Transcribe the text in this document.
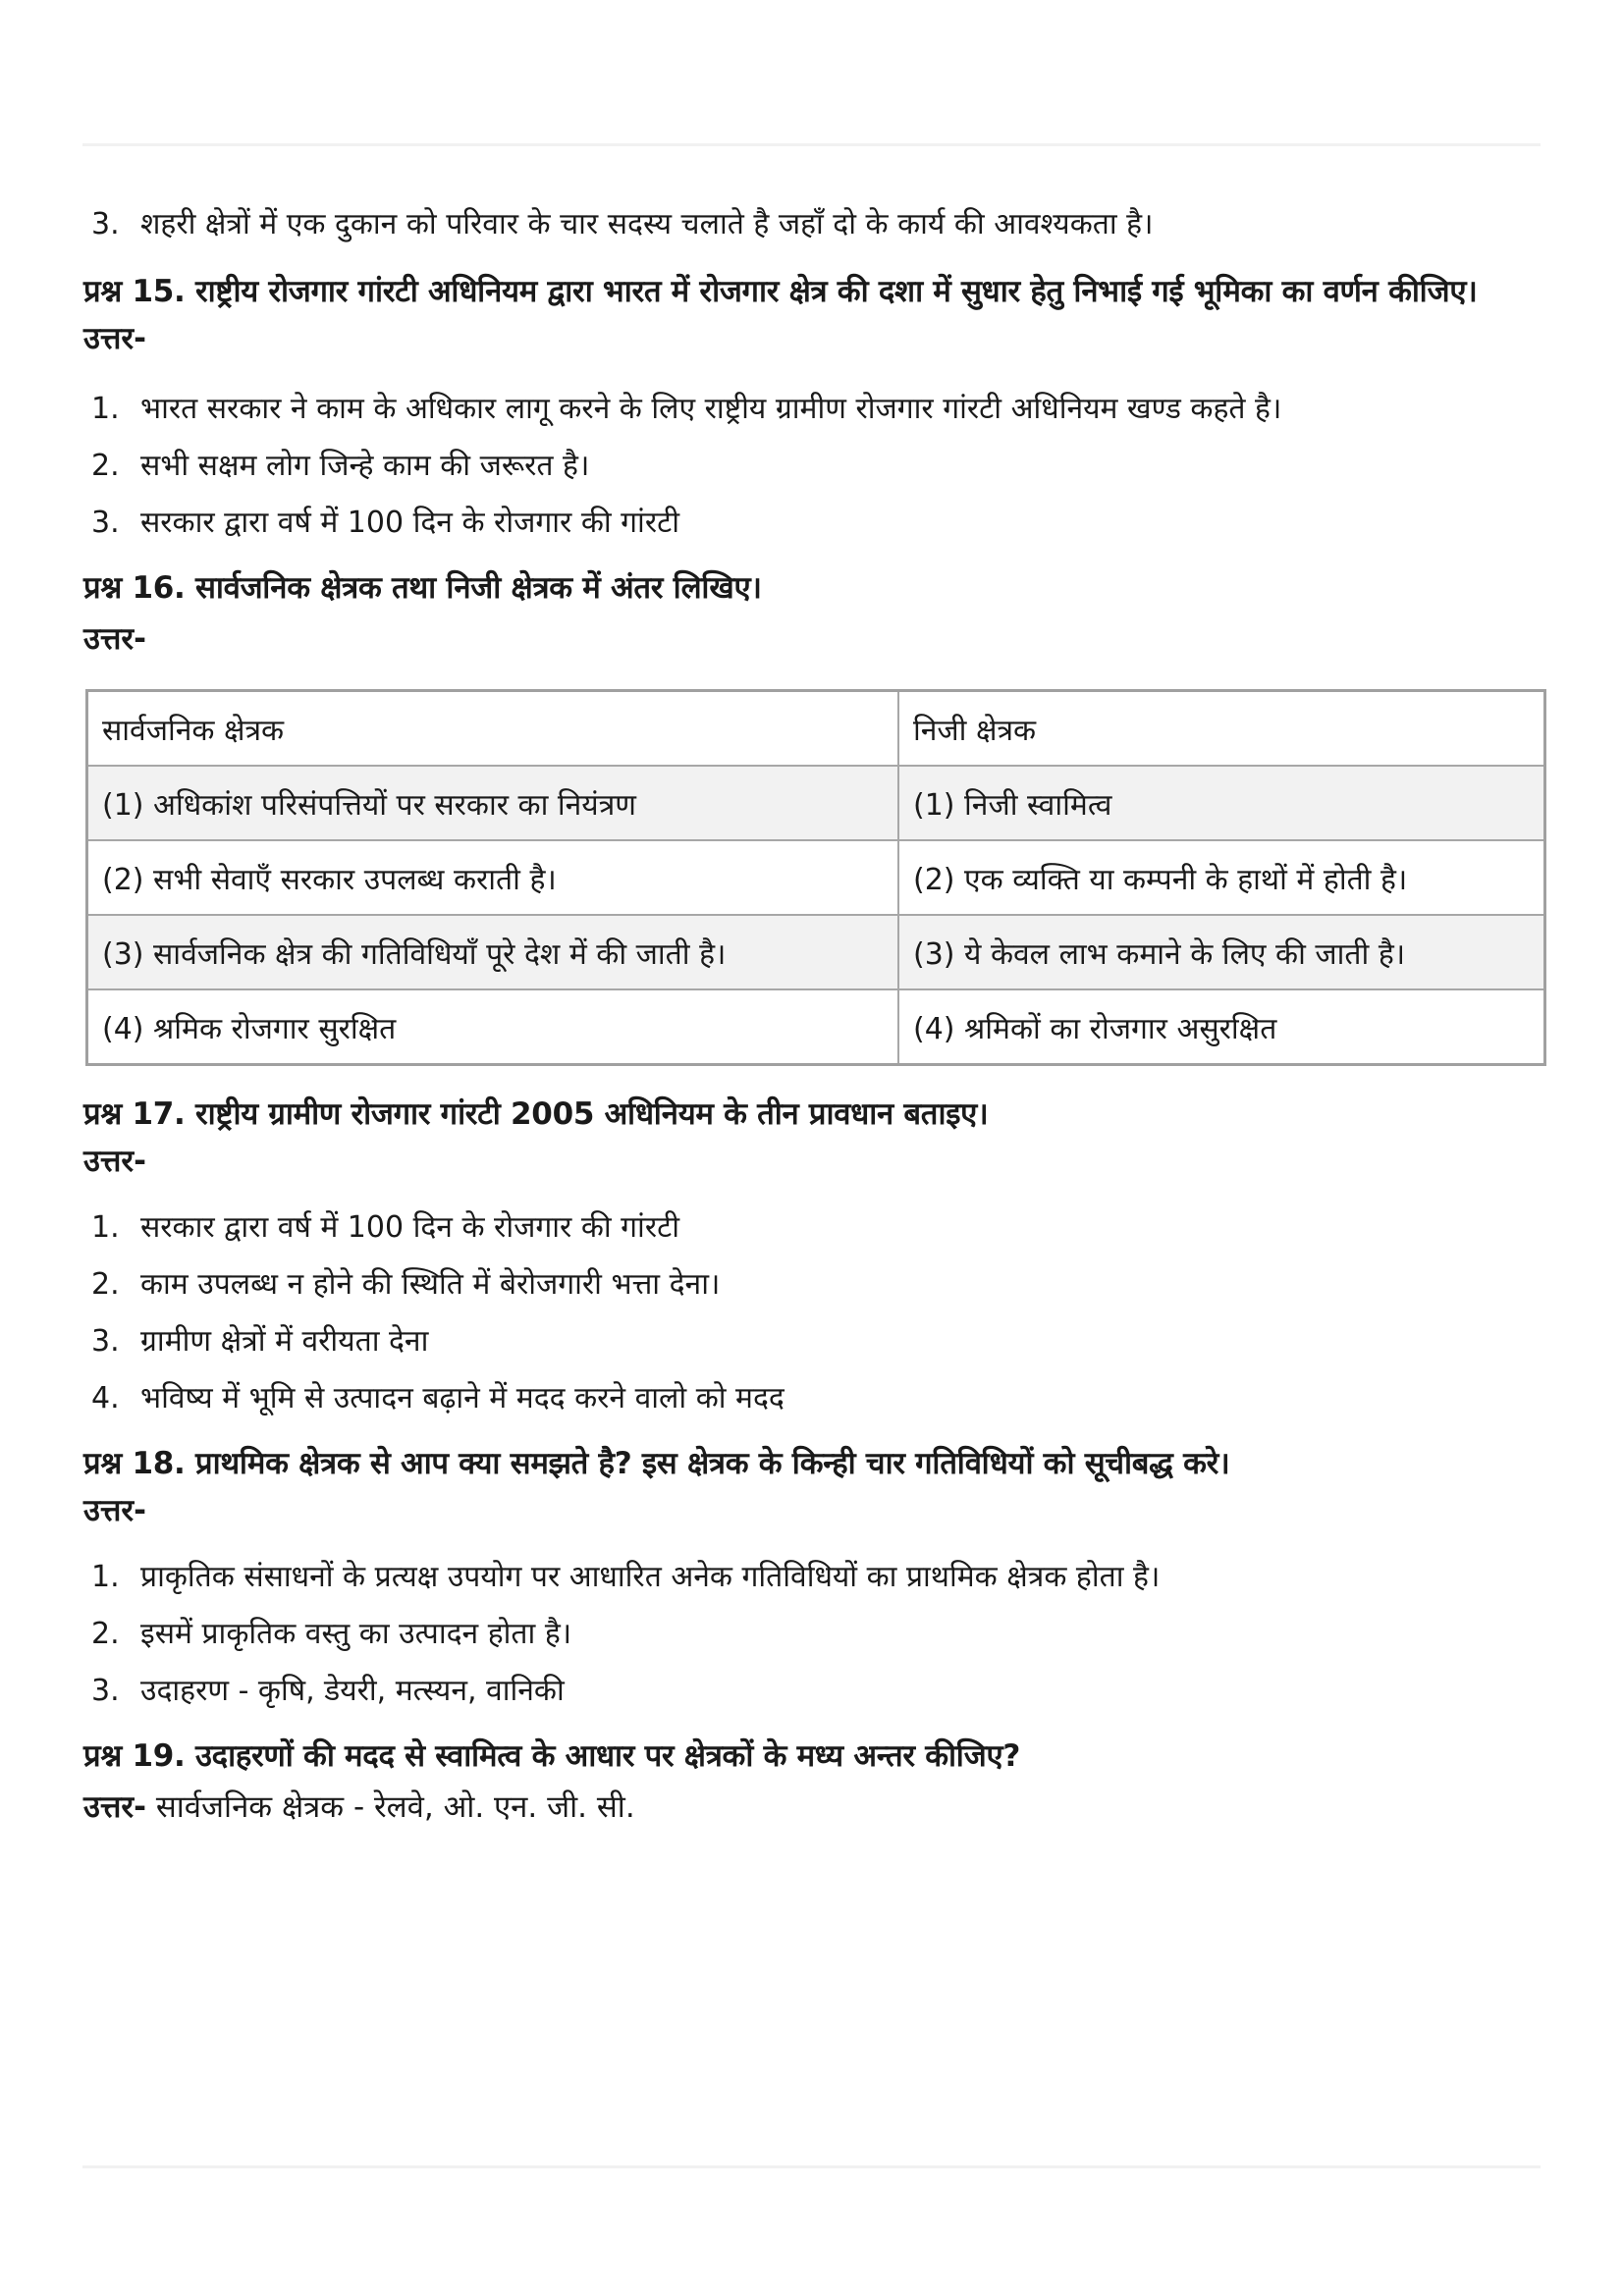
3. शहरी क्षेत्रों में एक दुकान को परिवार के चार सदस्य चलाते है जहाँ दो के कार्य की आवश्यकता है।

प्रश्न 15. राष्ट्रीय रोजगार गांरटी अधिनियम द्वारा भारत में रोजगार क्षेत्र की दशा में सुधार हेतु निभाई गई भूमिका का वर्णन कीजिए।

उत्तर-

1. भारत सरकार ने काम के अधिकार लागू करने के लिए राष्ट्रीय ग्रामीण रोजगार गांरटी अधिनियम खण्ड कहते है।
2. सभी सक्षम लोग जिन्हे काम की जरूरत है।
3. सरकार द्वारा वर्ष में 100 दिन के रोजगार की गांरटी

प्रश्न 16. सार्वजनिक क्षेत्रक तथा निजी क्षेत्रक में अंतर लिखिए।

उत्तर-

सार्वजनिक क्षेत्रक	निजी क्षेत्रक
(1) अधिकांश परिसंपत्तियों पर सरकार का नियंत्रण	(1) निजी स्वामित्व
(2) सभी सेवाएँ सरकार उपलब्ध कराती है।	(2) एक व्यक्ति या कम्पनी के हाथों में होती है।
(3) सार्वजनिक क्षेत्र की गतिविधियाँ पूरे देश में की जाती है।	(3) ये केवल लाभ कमाने के लिए की जाती है।
(4) श्रमिक रोजगार सुरक्षित	(4) श्रमिकों का रोजगार असुरक्षित

प्रश्न 17. राष्ट्रीय ग्रामीण रोजगार गांरटी 2005 अधिनियम के तीन प्रावधान बताइए।

उत्तर-

1. सरकार द्वारा वर्ष में 100 दिन के रोजगार की गांरटी
2. काम उपलब्ध न होने की स्थिति में बेरोजगारी भत्ता देना।
3. ग्रामीण क्षेत्रों में वरीयता देना
4. भविष्य में भूमि से उत्पादन बढ़ाने में मदद करने वालो को मदद

प्रश्न 18. प्राथमिक क्षेत्रक से आप क्या समझते है? इस क्षेत्रक के किन्ही चार गतिविधियों को सूचीबद्ध करे।

उत्तर-

1. प्राकृतिक संसाधनों के प्रत्यक्ष उपयोग पर आधारित अनेक गतिविधियों का प्राथमिक क्षेत्रक होता है।
2. इसमें प्राकृतिक वस्तु का उत्पादन होता है।
3. उदाहरण - कृषि, डेयरी, मत्स्यन, वानिकी

प्रश्न 19. उदाहरणों की मदद से स्वामित्व के आधार पर क्षेत्रकों के मध्य अन्तर कीजिए?

उत्तर- सार्वजनिक क्षेत्रक - रेलवे, ओ. एन. जी. सी.
